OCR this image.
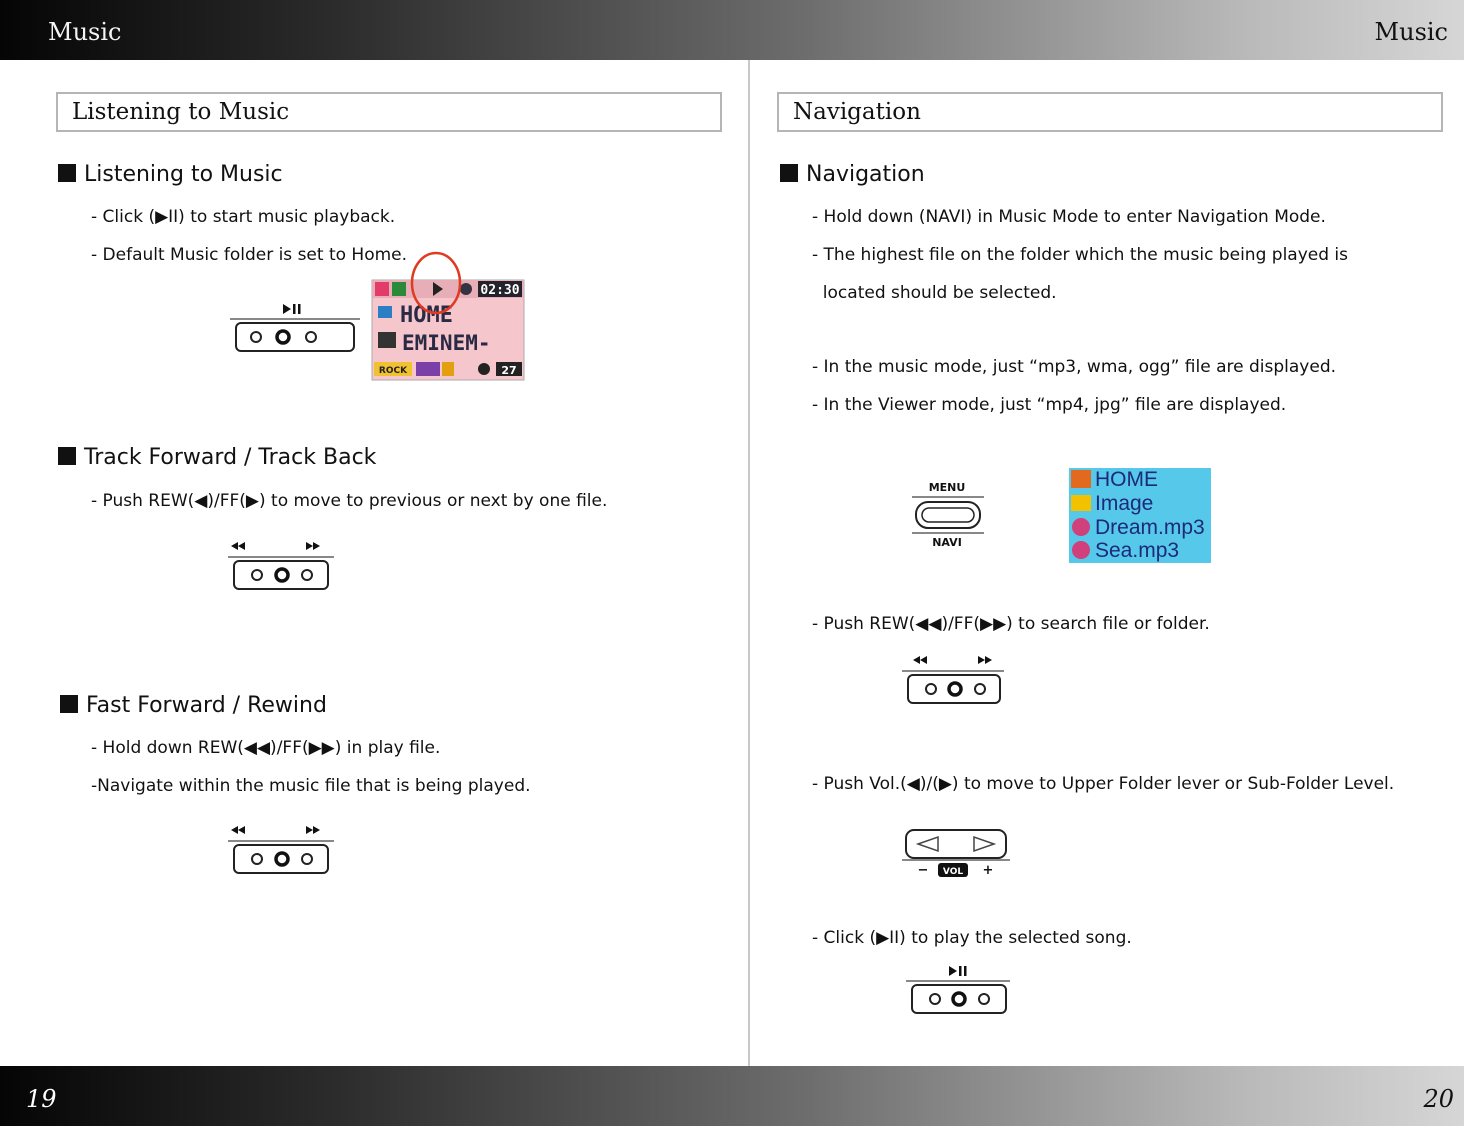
Music	Music
19	20
Listening to Music
Listening to Music
- Click (▶II) to start music playback.
- Default Music folder is set to Home.
02:30
HOME
EMINEM-
ROCK	27
Track Forward / Track Back
- Push REW(◀)/FF(▶) to move to previous or next by one file.
Fast Forward / Rewind
- Hold down REW(◀◀)/FF(▶▶) in play file.
-Navigate within the music file that is being played.
Navigation
Navigation
- Hold down (NAVI) in Music Mode to enter Navigation Mode.
- The highest file on the folder which the music being played is
located should be selected.
- In the music mode, just “mp3, wma, ogg” file are displayed.
- In the Viewer mode, just “mp4, jpg” file are displayed.
MENU
NAVI
HOME
Image
Dream.mp3
Sea.mp3
- Push REW(◀◀)/FF(▶▶) to search file or folder.
- Push Vol.(◀)/(▶) to move to Upper Folder lever or Sub-Folder Level.
− VOL +
- Click (▶II) to play the selected song.
